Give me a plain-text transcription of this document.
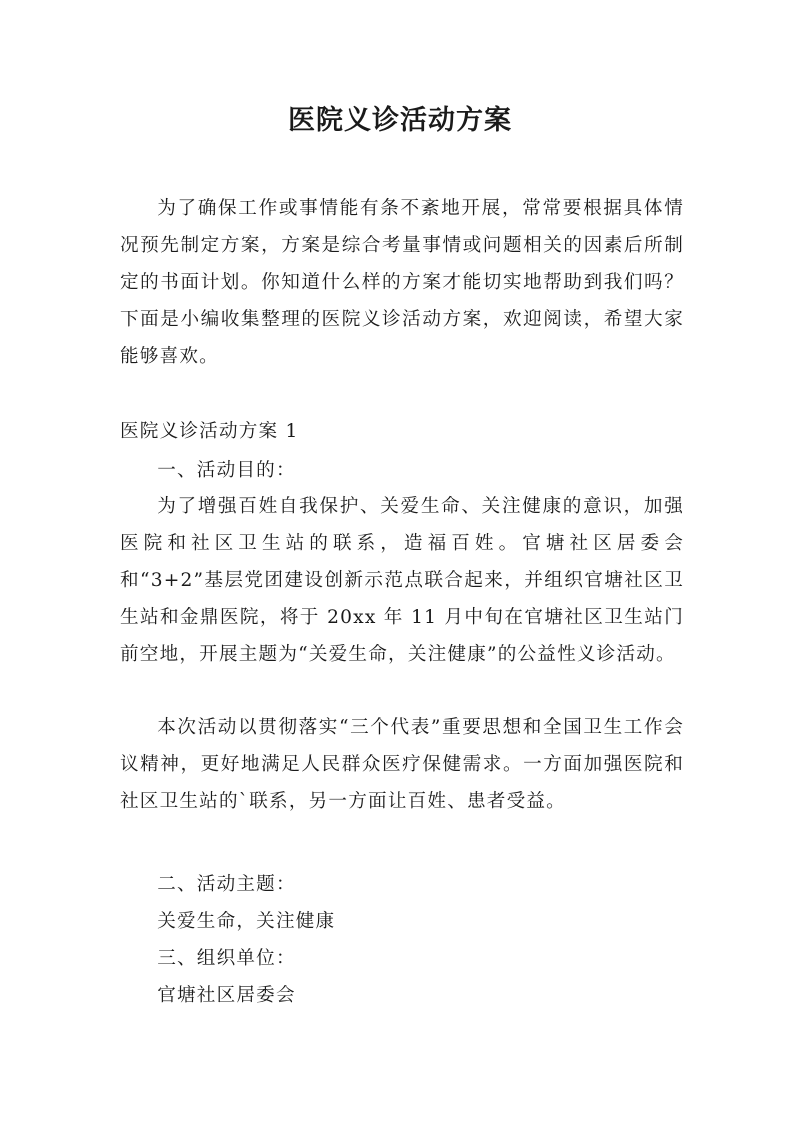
医院义诊活动方案
为了确保工作或事情能有条不紊地开展，常常要根据具体情况预先制定方案，方案是综合考量事情或问题相关的因素后所制定的书面计划。你知道什么样的方案才能切实地帮助到我们吗？下面是小编收集整理的医院义诊活动方案，欢迎阅读，希望大家能够喜欢。
医院义诊活动方案 1
一、活动目的：
为了增强百姓自我保护、关爱生命、关注健康的意识，加强医院和社区卫生站的联系，造福百姓。官塘社区居委会和“3+2”基层党团建设创新示范点联合起来，并组织官塘社区卫生站和金鼎医院，将于 20xx 年 11 月中旬在官塘社区卫生站门前空地，开展主题为“关爱生命，关注健康”的公益性义诊活动。
本次活动以贯彻落实“三个代表”重要思想和全国卫生工作会议精神，更好地满足人民群众医疗保健需求。一方面加强医院和社区卫生站的`联系，另一方面让百姓、患者受益。
二、活动主题：
关爱生命，关注健康
三、组织单位：
官塘社区居委会
